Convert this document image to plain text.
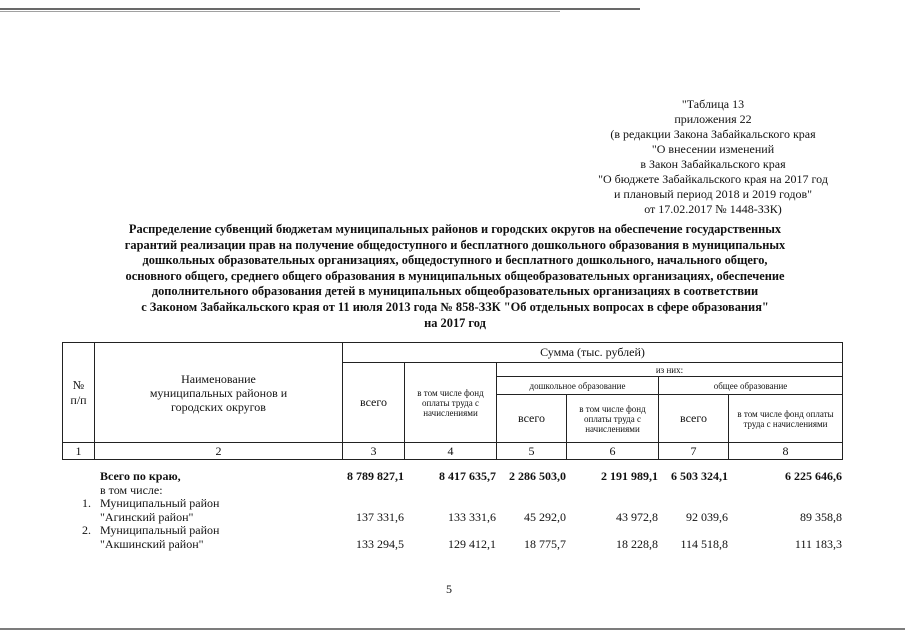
"Таблица 13
приложения 22
(в редакции Закона Забайкальского края
"О внесении изменений
в Закон Забайкальского края
"О бюджете Забайкальского края на 2017 год
и плановый период 2018 и 2019 годов"
от 17.02.2017 № 1448-ЗЗК)
Распределение субвенций бюджетам муниципальных районов и городских округов на обеспечение государственных
гарантий реализации прав на получение общедоступного и бесплатного дошкольного образования в муниципальных
дошкольных образовательных организациях, общедоступного и бесплатного дошкольного, начального общего,
основного общего, среднего общего образования в муниципальных общеобразовательных организациях, обеспечение
дополнительного образования детей в муниципальных общеобразовательных организациях в соответствии
с Законом Забайкальского края от 11 июля 2013 года № 858-ЗЗК "Об отдельных вопросах в сфере образования"
на 2017 год
№ п/п	Наименование муниципальных районов и городских округов	Сумма (тыс. рублей)					
		всего	в том числе фонд оплаты труда с начислениями	из них:			
				дошкольное образование		общее образование	
				всего	в том числе фонд оплаты труда с начислениями	всего	в том числе фонд оплаты труда с начислениями
1	2	3	4	5	6	7	8

	Всего по краю,	8 789 827,1	8 417 635,7	2 286 503,0	2 191 989,1	6 503 324,1	6 225 646,6

	в том числе:						

1.	Муниципальный район
"Агинский район"	137 331,6	133 331,6	45 292,0	43 972,8	92 039,6	89 358,8
2.	Муниципальный район
"Акшинский район"	133 294,5	129 412,1	18 775,7	18 228,8	114 518,8	111 183,3
5
